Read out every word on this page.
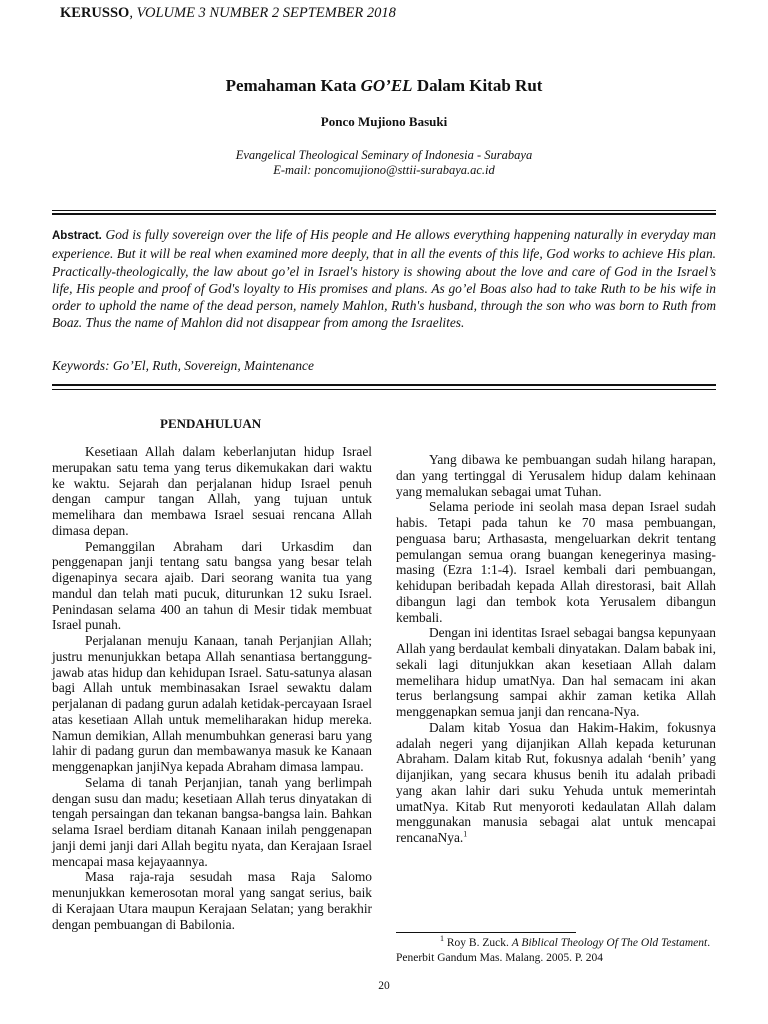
KERUSSO, VOLUME 3 NUMBER 2 SEPTEMBER 2018
Pemahaman Kata GO’EL Dalam Kitab Rut
Ponco Mujiono Basuki
Evangelical Theological Seminary of Indonesia - Surabaya
E-mail: poncomujiono@sttii-surabaya.ac.id
Abstract. God is fully sovereign over the life of His people and He allows everything happening naturally in everyday man experience. But it will be real when examined more deeply, that in all the events of this life, God works to achieve His plan. Practically-theologically, the law about go’el in Israel's history is showing about the love and care of God in the Israel’s life, His people and proof of God's loyalty to His promises and plans. As go’el Boas also had to take Ruth to be his wife in order to uphold the name of the dead person, namely Mahlon, Ruth's husband, through the son who was born to Ruth from Boaz. Thus the name of Mahlon did not disappear from among the Israelites.
Keywords: Go’El, Ruth, Sovereign, Maintenance
PENDAHULUAN

Kesetiaan Allah dalam keberlanjutan hidup Israel merupakan satu tema yang terus dikemukakan dari waktu ke waktu. Sejarah dan perjalanan hidup Israel penuh dengan campur tangan Allah, yang tujuan untuk memelihara dan membawa Israel sesuai rencana Allah dimasa depan.

Pemanggilan Abraham dari Urkasdim dan penggenapan janji tentang satu bangsa yang besar telah digenapinya secara ajaib. Dari seorang wanita tua yang mandul dan telah mati pucuk, diturunkan 12 suku Israel. Penindasan selama 400 an tahun di Mesir tidak membuat Israel punah.

Perjalanan menuju Kanaan, tanah Perjanjian Allah; justru menunjukkan betapa Allah senantiasa bertanggung-jawab atas hidup dan kehidupan Israel. Satu-satunya alasan bagi Allah untuk membinasakan Israel sewaktu dalam perjalanan di padang gurun adalah ketidak-percayaan Israel atas kesetiaan Allah untuk memeliharakan hidup mereka. Namun demikian, Allah menumbuhkan generasi baru yang lahir di padang gurun dan membawanya masuk ke Kanaan menggenapkan janjiNya kepada Abraham dimasa lampau.

Selama di tanah Perjanjian, tanah yang berlimpah dengan susu dan madu; kesetiaan Allah terus dinyatakan di tengah persaingan dan tekanan bangsa-bangsa lain. Bahkan selama Israel berdiam ditanah Kanaan inilah penggenapan janji demi janji dari Allah begitu nyata, dan Kerajaan Israel mencapai masa kejayaannya.

Masa raja-raja sesudah masa Raja Salomo menunjukkan kemerosotan moral yang sangat serius, baik di Kerajaan Utara maupun Kerajaan Selatan; yang berakhir dengan pembuangan di Babilonia.

Yang dibawa ke pembuangan sudah hilang harapan, dan yang tertinggal di Yerusalem hidup dalam kehinaan yang memalukan sebagai umat Tuhan.

Selama periode ini seolah masa depan Israel sudah habis. Tetapi pada tahun ke 70 masa pembuangan, penguasa baru; Arthasasta, mengeluarkan dekrit tentang pemulangan semua orang buangan kenegerinya masing-masing (Ezra 1:1-4). Israel kembali dari pembuangan, kehidupan beribadah kepada Allah direstorasi, bait Allah dibangun lagi dan tembok kota Yerusalem dibangun kembali.

Dengan ini identitas Israel sebagai bangsa kepunyaan Allah yang berdaulat kembali dinyatakan. Dalam babak ini, sekali lagi ditunjukkan akan kesetiaan Allah dalam memelihara hidup umatNya. Dan hal semacam ini akan terus berlangsung sampai akhir zaman ketika Allah menggenapkan semua janji dan rencana-Nya.

Dalam kitab Yosua dan Hakim-Hakim, fokusnya adalah negeri yang dijanjikan Allah kepada keturunan Abraham. Dalam kitab Rut, fokusnya adalah ‘benih’ yang dijanjikan, yang secara khusus benih itu adalah pribadi yang akan lahir dari suku Yehuda untuk memerintah umatNya. Kitab Rut menyoroti kedaulatan Allah dalam menggunakan manusia sebagai alat untuk mencapai rencanaNya.$^1$

$^1$ Roy B. Zuck. A Biblical Theology Of The Old Testament. Penerbit Gandum Mas. Malang. 2005. P. 204
20
